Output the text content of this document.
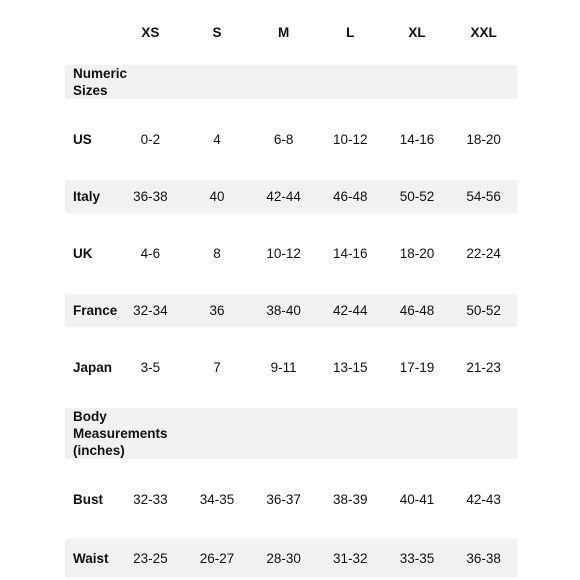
	XS	S	M	L	XL	XXL

Numeric
Sizes						

US	0-2	4	6-8	10-12	14-16	18-20
Italy	36-38	40	42-44	46-48	50-52	54-56
UK	4-6	8	10-12	14-16	18-20	22-24
France	32-34	36	38-40	42-44	46-48	50-52
Japan	3-5	7	9-11	13-15	17-19	21-23

Body
Measurements
(inches)						

Bust	32-33	34-35	36-37	38-39	40-41	42-43
Waist	23-25	26-27	28-30	31-32	33-35	36-38
